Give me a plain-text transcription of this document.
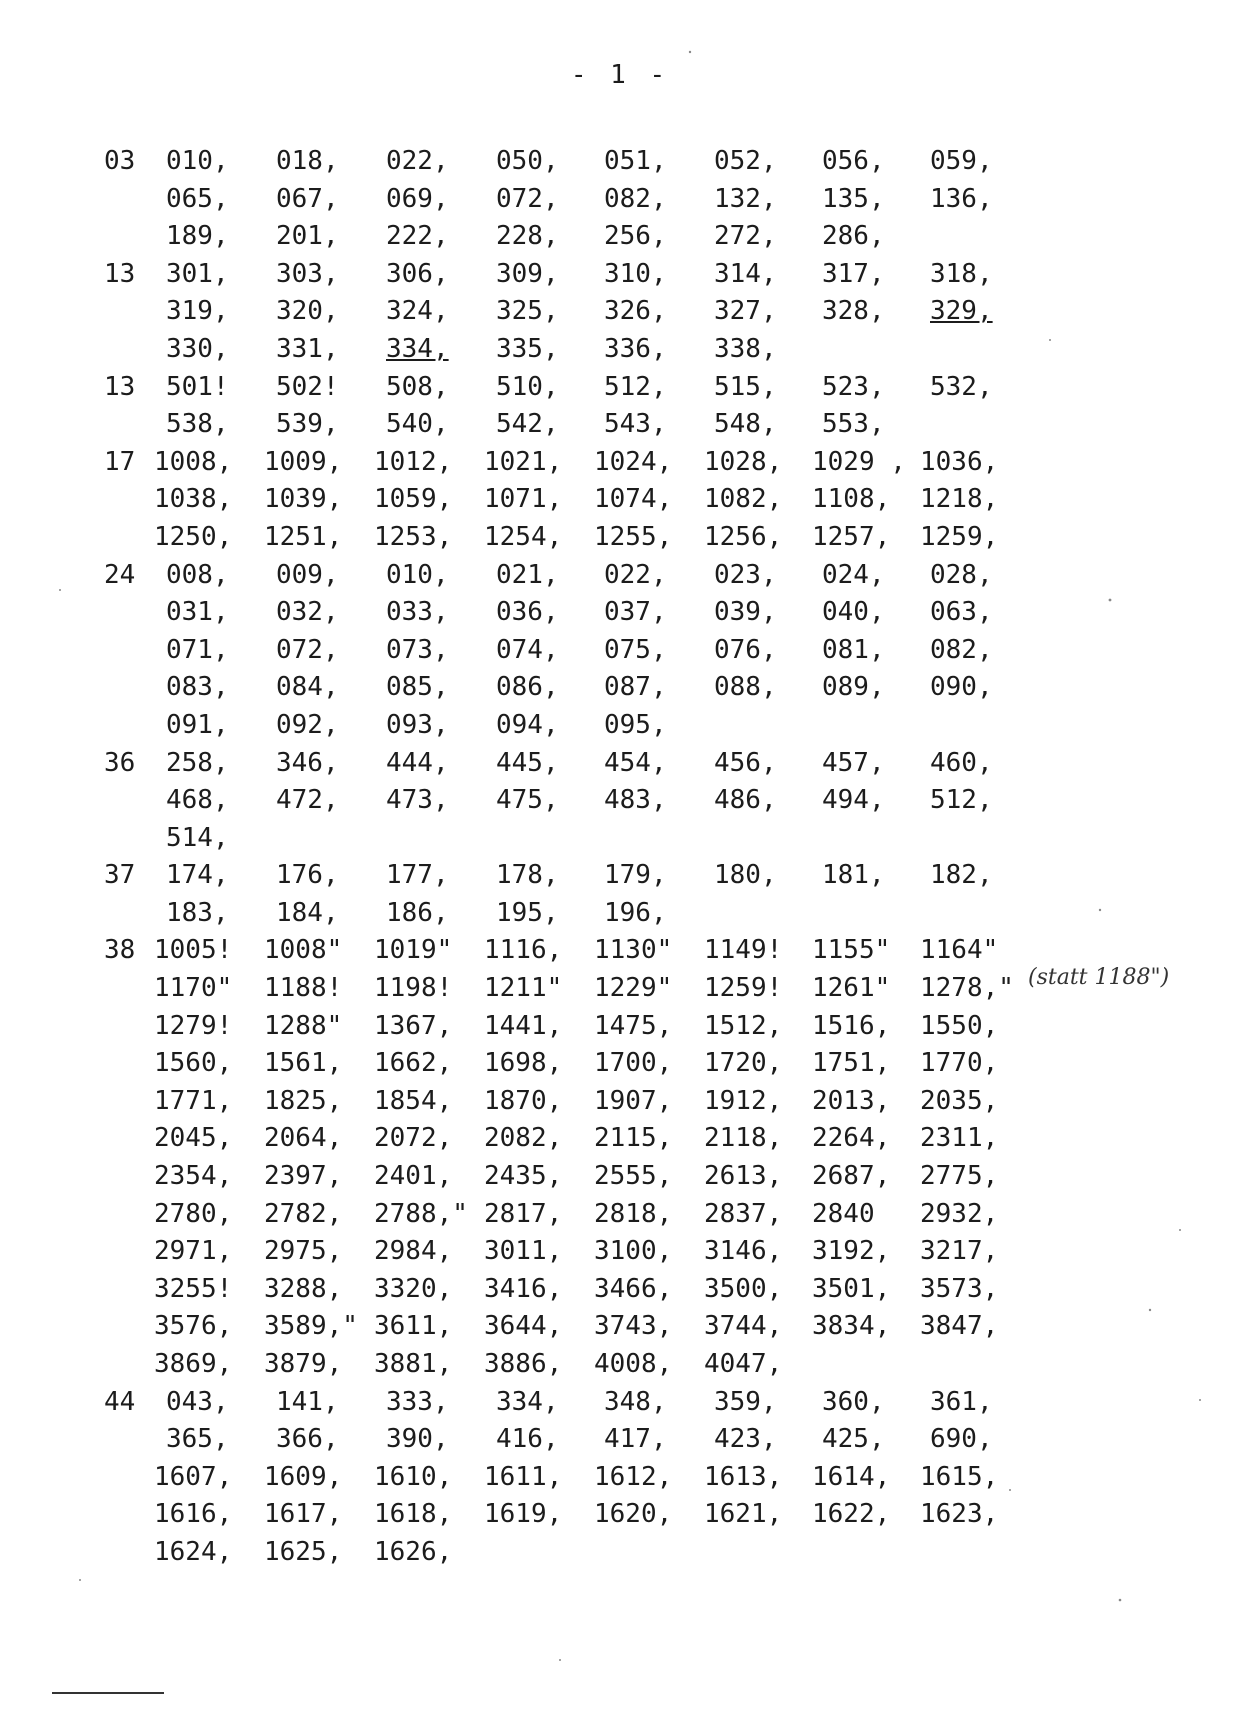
- 1 -
03 010, 018, 022, 050, 051, 052, 056, 059,
065, 067, 069, 072, 082, 132, 135, 136,
189, 201, 222, 228, 256, 272, 286,
13 301, 303, 306, 309, 310, 314, 317, 318,
319, 320, 324, 325, 326, 327, 328, 329,
330, 331, 334, 335, 336, 338,
13 501! 502! 508, 510, 512, 515, 523, 532,
538, 539, 540, 542, 543, 548, 553,
17 1008, 1009, 1012, 1021, 1024, 1028, 1029 , 1036,
1038, 1039, 1059, 1071, 1074, 1082, 1108, 1218,
1250, 1251, 1253, 1254, 1255, 1256, 1257, 1259,
24 008, 009, 010, 021, 022, 023, 024, 028,
031, 032, 033, 036, 037, 039, 040, 063,
071, 072, 073, 074, 075, 076, 081, 082,
083, 084, 085, 086, 087, 088, 089, 090,
091, 092, 093, 094, 095,
36 258, 346, 444, 445, 454, 456, 457, 460,
468, 472, 473, 475, 483, 486, 494, 512,
514,
37 174, 176, 177, 178, 179, 180, 181, 182,
183, 184, 186, 195, 196,
38 1005! 1008" 1019" 1116, 1130" 1149! 1155" 1164"
1170" 1188! 1198! 1211" 1229" 1259! 1261" 1278,"
1279! 1288" 1367, 1441, 1475, 1512, 1516, 1550,
1560, 1561, 1662, 1698, 1700, 1720, 1751, 1770,
1771, 1825, 1854, 1870, 1907, 1912, 2013, 2035,
2045, 2064, 2072, 2082, 2115, 2118, 2264, 2311,
2354, 2397, 2401, 2435, 2555, 2613, 2687, 2775,
2780, 2782, 2788," 2817, 2818, 2837, 2840 2932,
2971, 2975, 2984, 3011, 3100, 3146, 3192, 3217,
3255! 3288, 3320, 3416, 3466, 3500, 3501, 3573,
3576, 3589," 3611, 3644, 3743, 3744, 3834, 3847,
3869, 3879, 3881, 3886, 4008, 4047,
44 043, 141, 333, 334, 348, 359, 360, 361,
365, 366, 390, 416, 417, 423, 425, 690,
1607, 1609, 1610, 1611, 1612, 1613, 1614, 1615,
1616, 1617, 1618, 1619, 1620, 1621, 1622, 1623,
1624, 1625, 1626,
(statt 1188")
